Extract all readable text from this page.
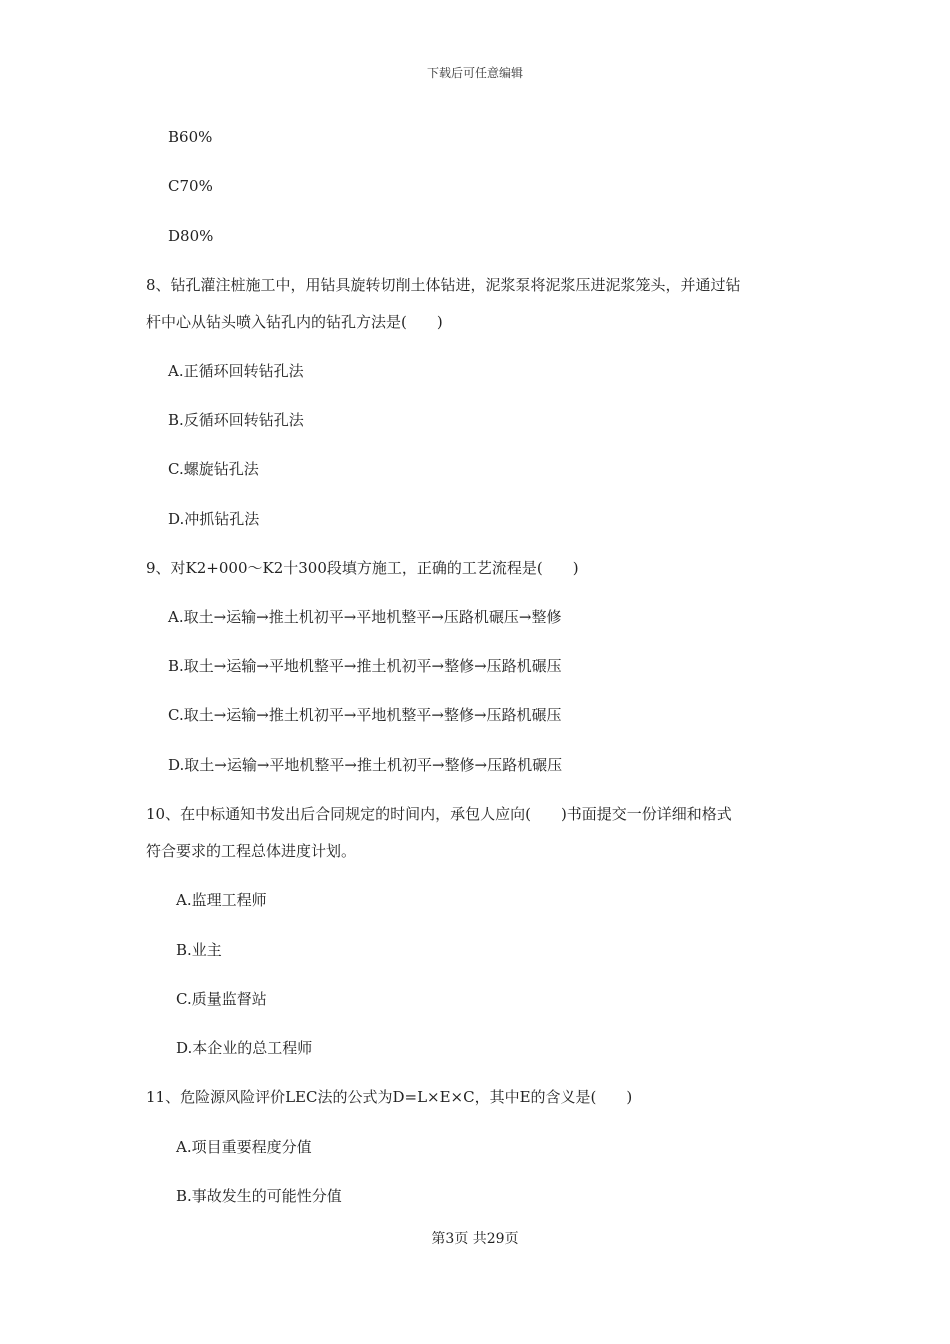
下载后可任意编辑
B60%
C70%
D80%
8、钻孔灌注桩施工中，用钻具旋转切削土体钻进，泥浆泵将泥浆压进泥浆笼头，并通过钻
杆中心从钻头喷入钻孔内的钻孔方法是(　　)
A.正循环回转钻孔法
B.反循环回转钻孔法
C.螺旋钻孔法
D.冲抓钻孔法
9、对K2+000～K2十300段填方施工，正确的工艺流程是(　　)
A.取土→运输→推土机初平→平地机整平→压路机碾压→整修
B.取土→运输→平地机整平→推土机初平→整修→压路机碾压
C.取土→运输→推土机初平→平地机整平→整修→压路机碾压
D.取土→运输→平地机整平→推土机初平→整修→压路机碾压
10、在中标通知书发出后合同规定的时间内，承包人应向(　　)书面提交一份详细和格式
符合要求的工程总体进度计划。
A.监理工程师
B.业主
C.质量监督站
D.本企业的总工程师
11、危险源风险评价LEC法的公式为D=L×E×C，其中E的含义是(　　)
A.项目重要程度分值
B.事故发生的可能性分值
第3页 共29页
